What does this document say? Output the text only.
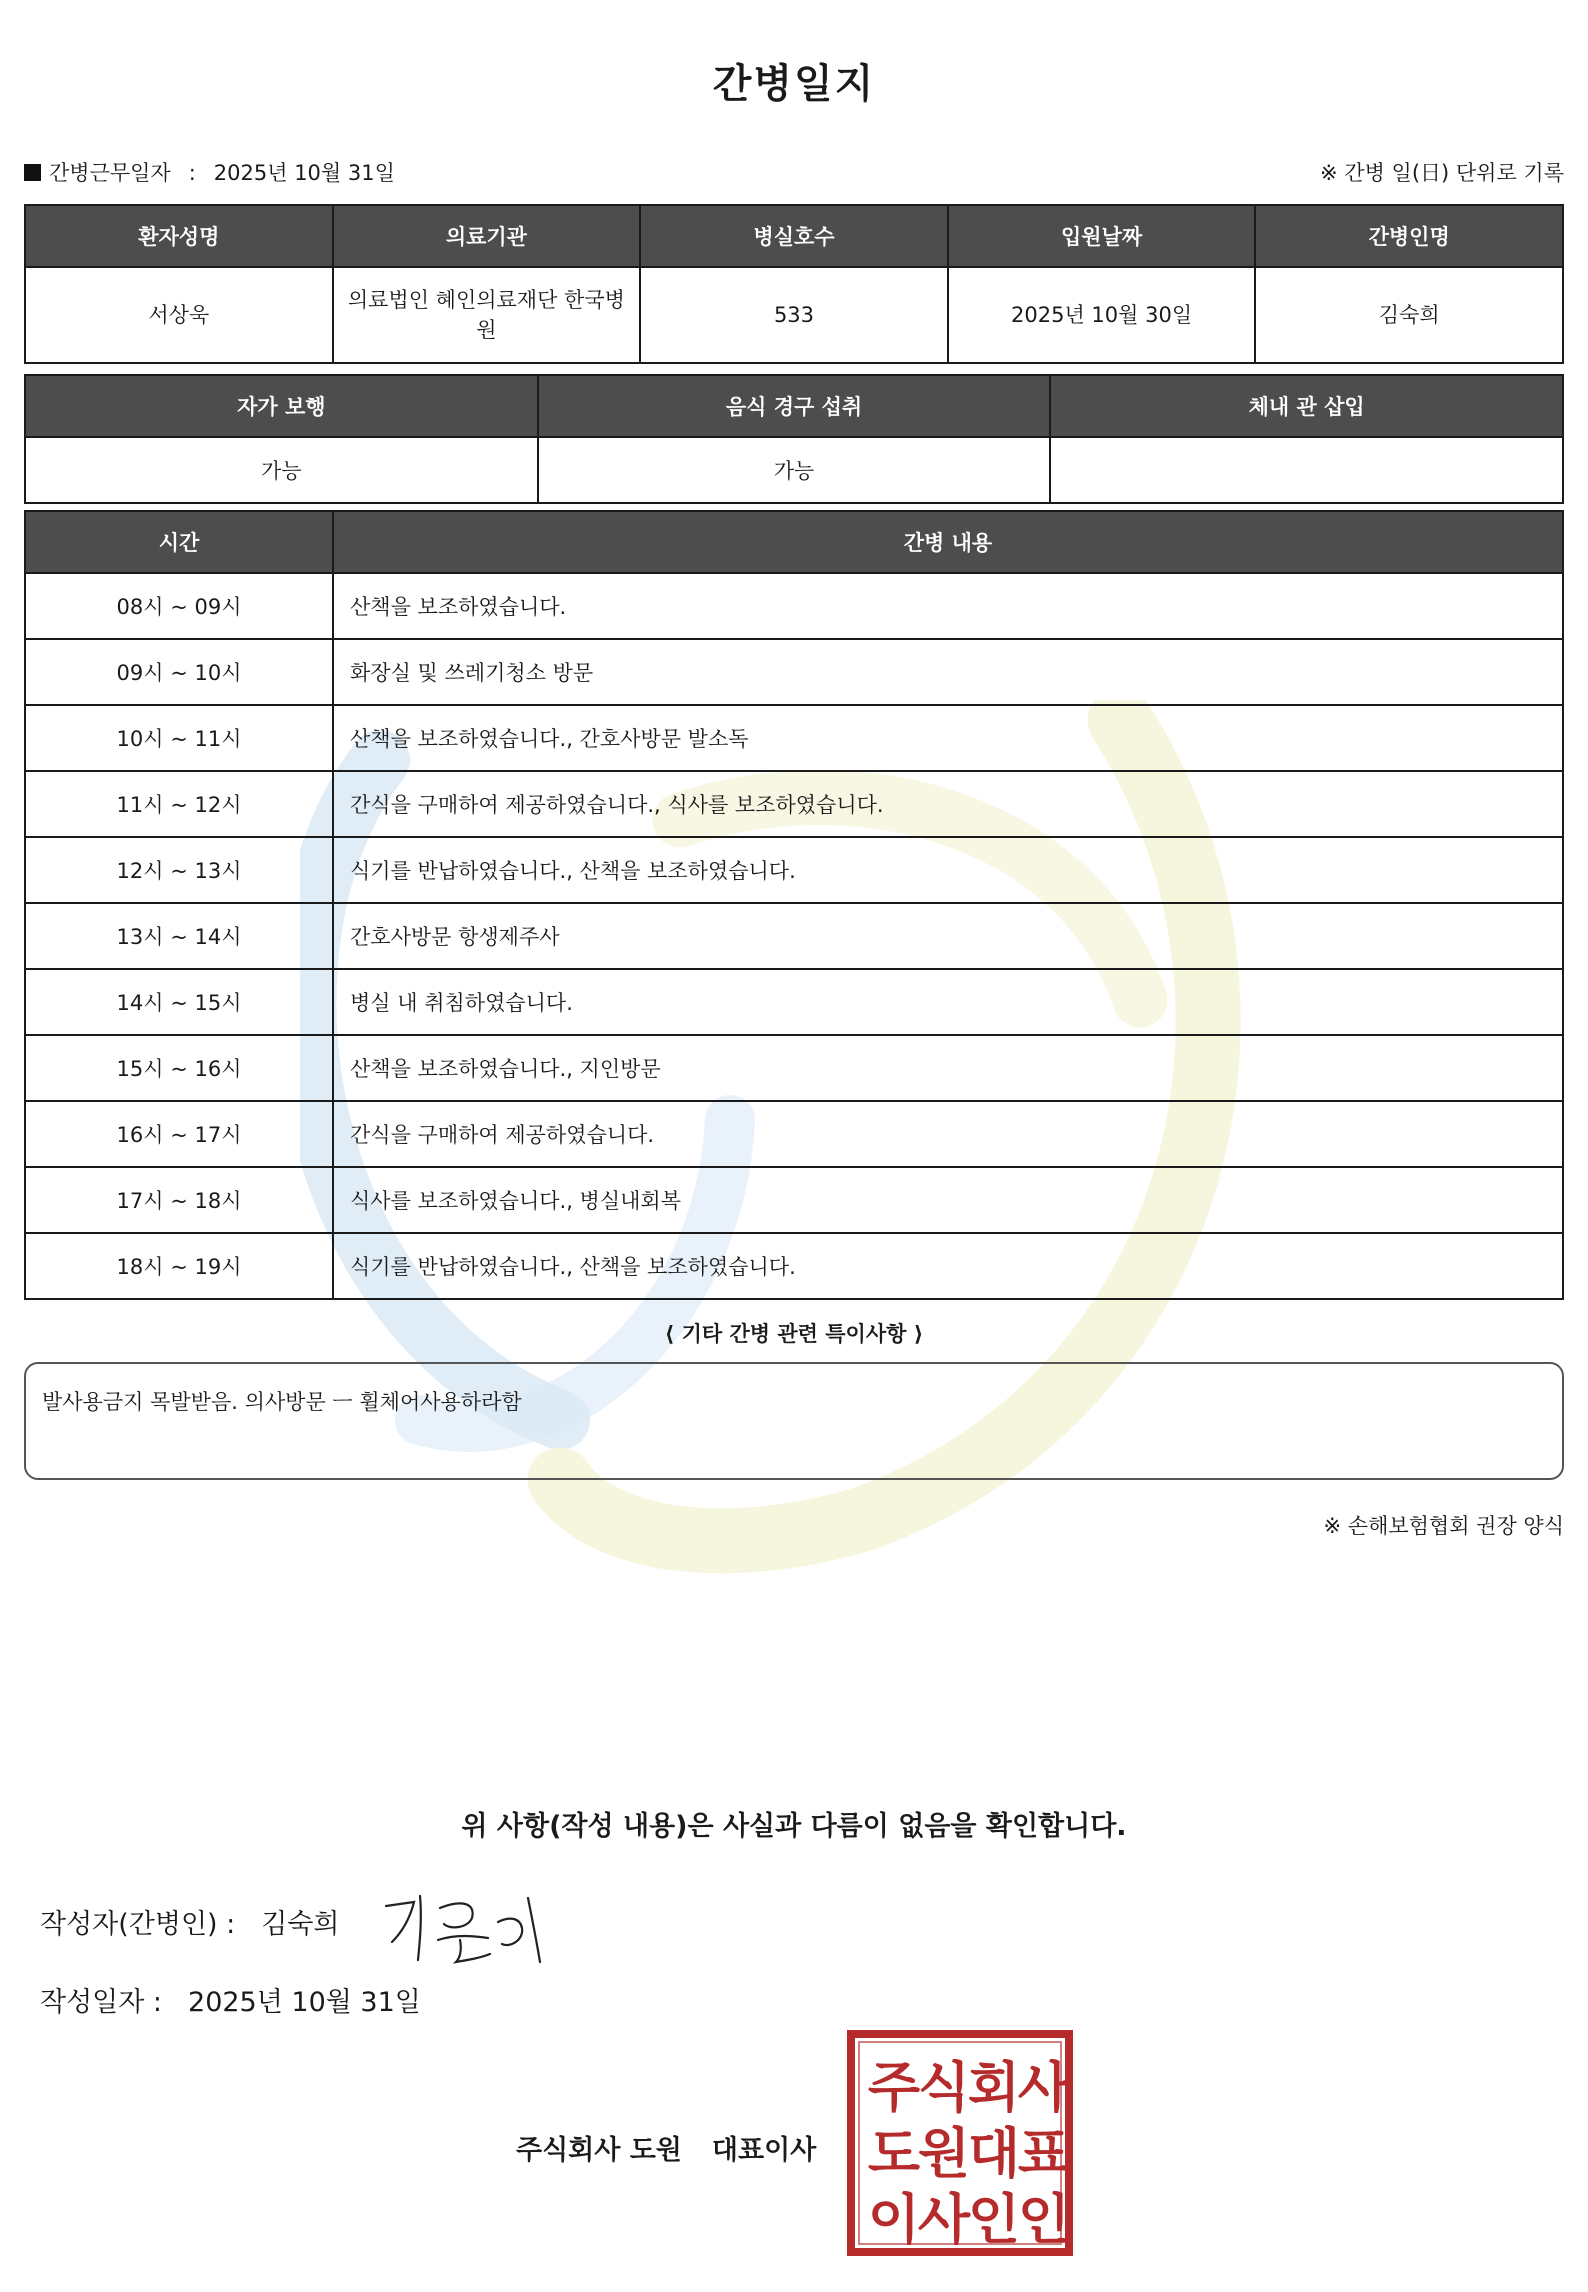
간병일지
간병근무일자 : 2025년 10월 31일	※ 간병 일(日) 단위로 기록
환자성명	의료기관	병실호수	입원날짜	간병인명
서상욱	의료법인 혜인의료재단 한국병원	533	2025년 10월 30일	김숙희
자가 보행	음식 경구 섭취	체내 관 삽입
가능	가능	
시간	간병 내용
08시 ~ 09시	산책을 보조하였습니다.
09시 ~ 10시	화장실 및 쓰레기청소 방문
10시 ~ 11시	산책을 보조하였습니다., 간호사방문 발소독
11시 ~ 12시	간식을 구매하여 제공하였습니다., 식사를 보조하였습니다.
12시 ~ 13시	식기를 반납하였습니다., 산책을 보조하였습니다.
13시 ~ 14시	간호사방문 항생제주사
14시 ~ 15시	병실 내 취침하였습니다.
15시 ~ 16시	산책을 보조하였습니다., 지인방문
16시 ~ 17시	간식을 구매하여 제공하였습니다.
17시 ~ 18시	식사를 보조하였습니다., 병실내회복
18시 ~ 19시	식기를 반납하였습니다., 산책을 보조하였습니다.
⟨ 기타 간병 관련 특이사항 ⟩
발사용금지 목발받음. 의사방문 ㅡ 휠체어사용하라함
※ 손해보험협회 권장 양식
위 사항(작성 내용)은 사실과 다름이 없음을 확인합니다.
작성자(간병인) : 김숙희
작성일자 : 2025년 10월 31일
주식회사 도원 대표이사
주
식
회
사
도
원
대
표
이
사
인
인
